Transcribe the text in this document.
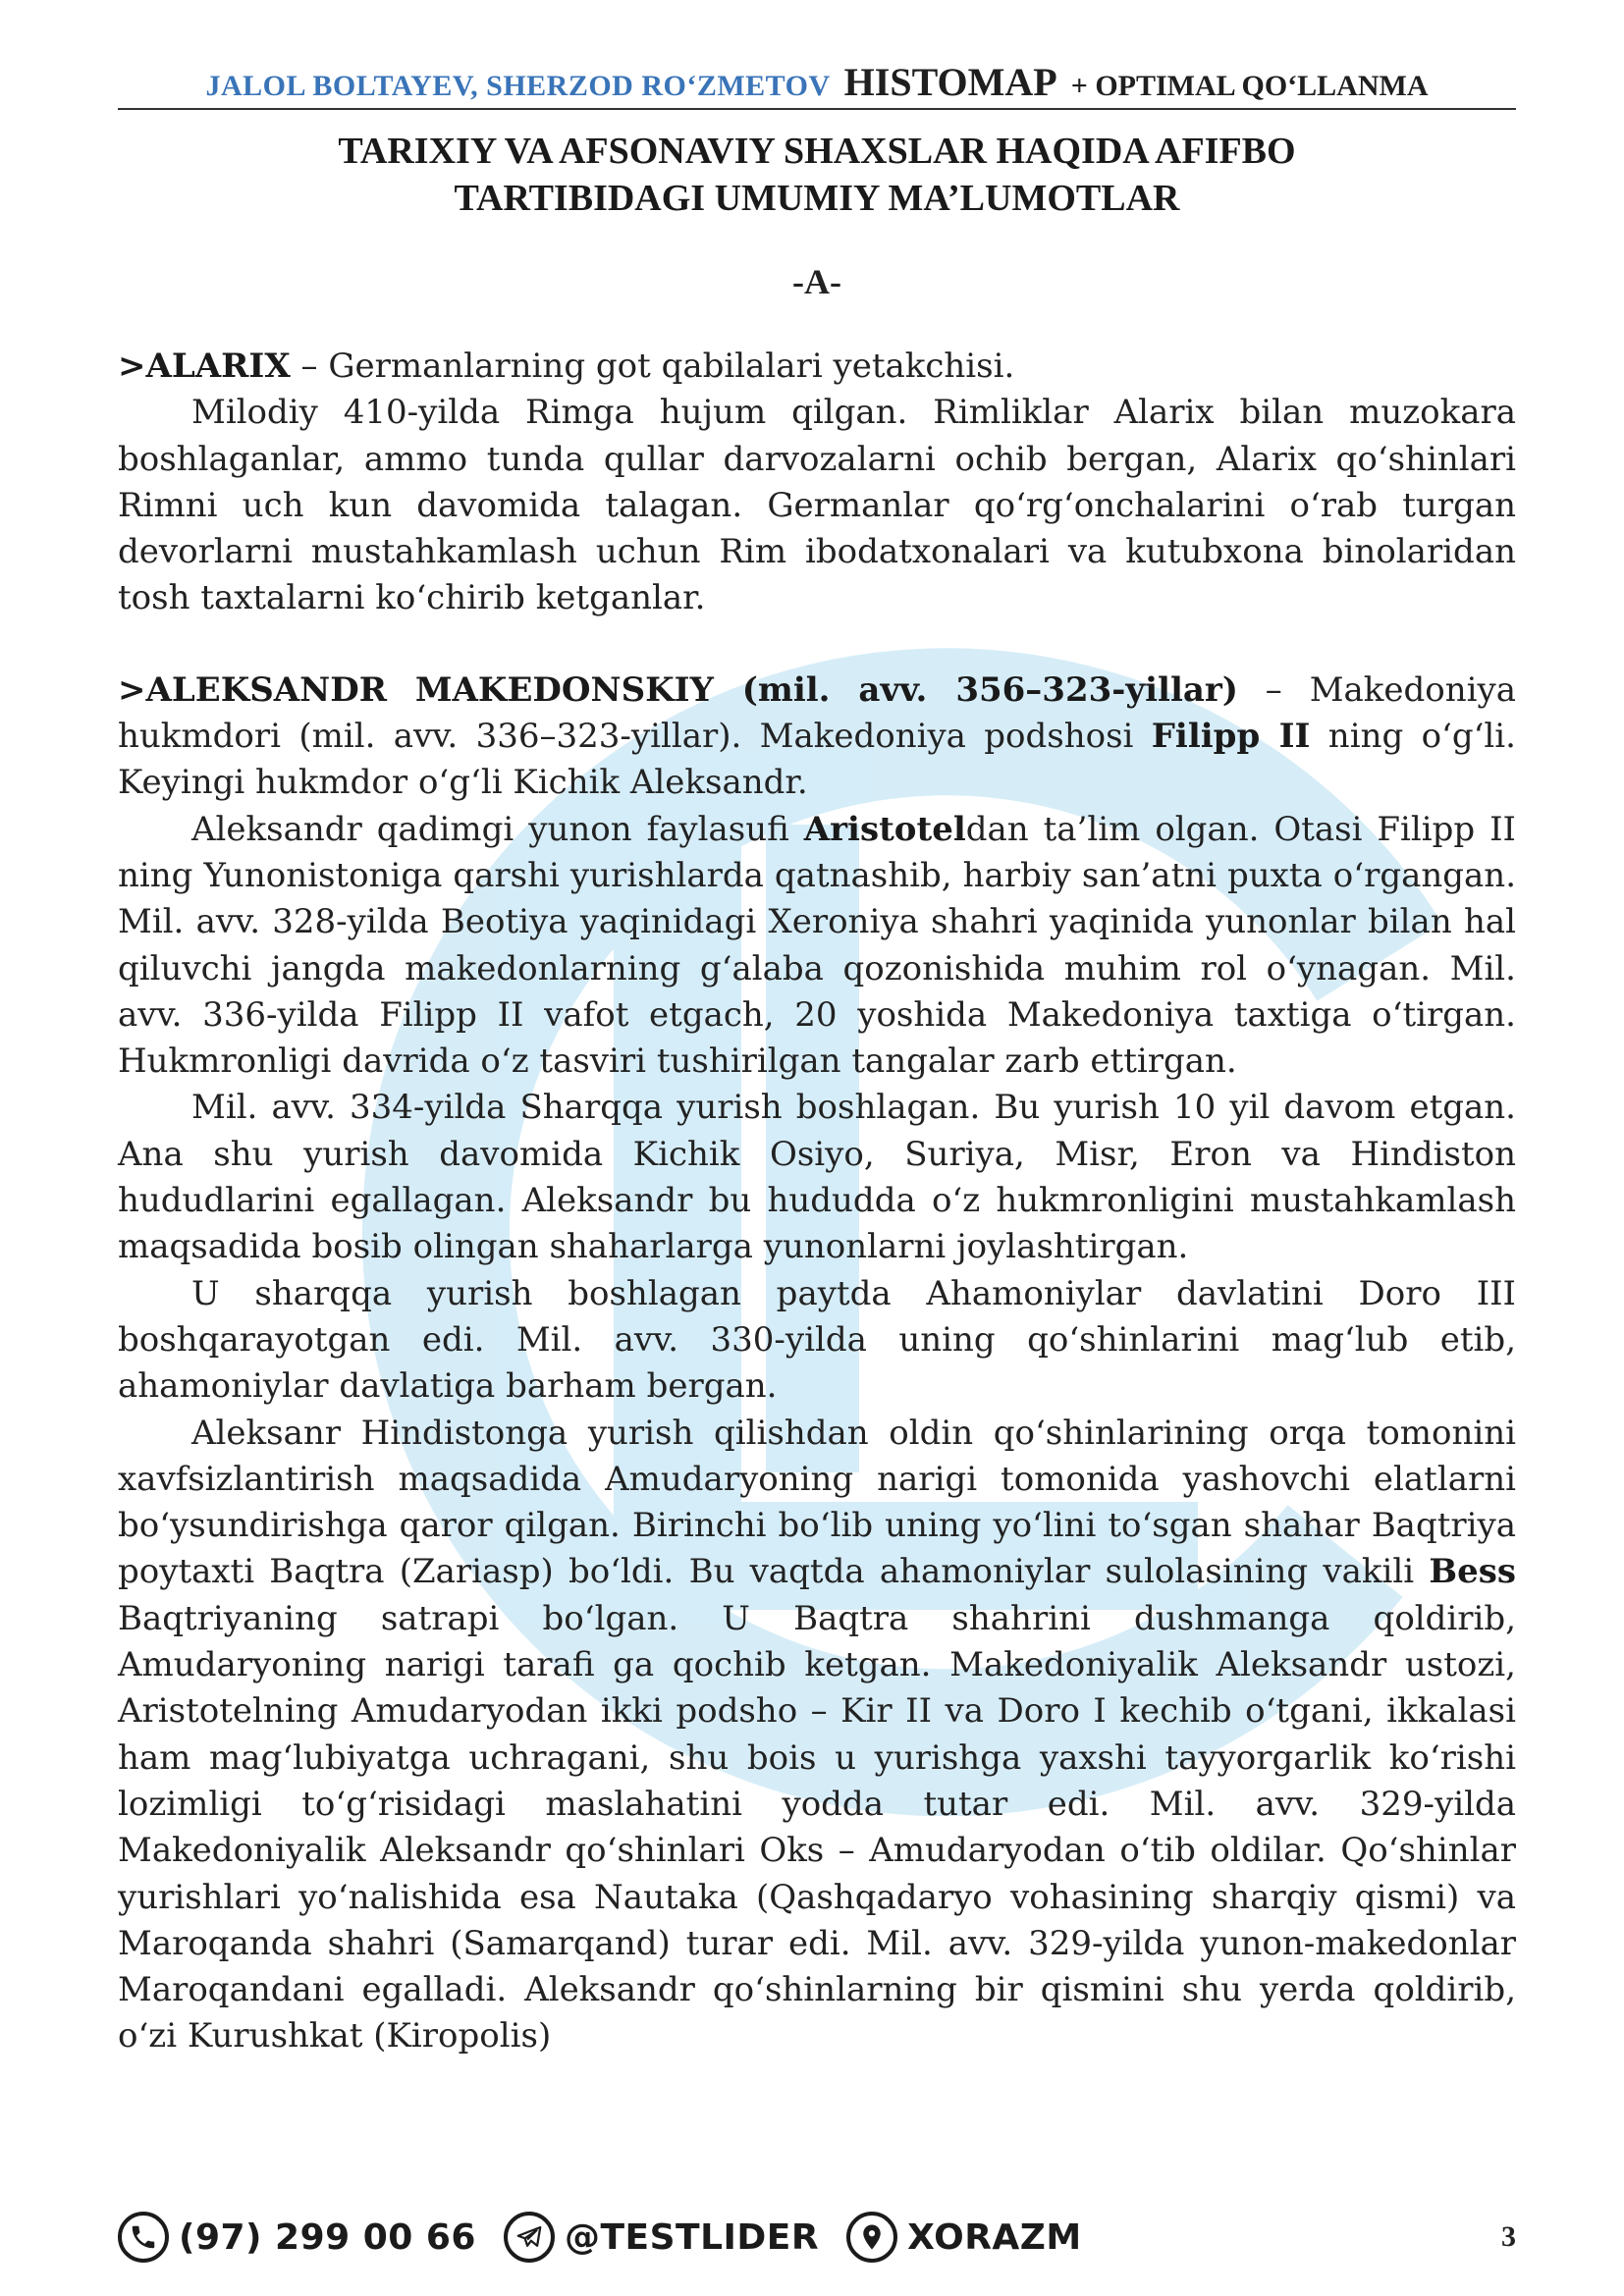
JALOL BOLTAYEV, SHERZOD RO‘ZMETOV HISTOMAP + OPTIMAL QO‘LLANMA
TARIXIY VA AFSONAVIY SHAXSLAR HAQIDA AFIFBO
TARTIBIDAGI UMUMIY MA’LUMOTLAR
-A-

>ALARIX – Germanlarning got qabilalari yetakchisi.

Milodiy 410-yilda Rimga hujum qilgan. Rimliklar Alarix bilan muzokara boshlaganlar, ammo tunda qullar darvozalarni ochib bergan, Alarix qo‘shinlari Rimni uch kun davomida talagan. Germanlar qo‘rg‘onchalarini o‘rab turgan devorlarni mustahkamlash uchun Rim ibodatxonalari va kutubxona binolaridan tosh taxtalarni ko‘chirib ketganlar.

>ALEKSANDR MAKEDONSKIY (mil. avv. 356–323-yillar) – Makedoniya hukmdori (mil. avv. 336–323-yillar). Makedoniya podshosi Filipp II ning o‘g‘li. Keyingi hukmdor o‘g‘li Kichik Aleksandr.

Aleksandr qadimgi yunon faylasufi Aristoteldan ta’lim olgan. Otasi Filipp II ning Yunonistoniga qarshi yurishlarda qatnashib, harbiy san’atni puxta o‘rgangan. Mil. avv. 328-yilda Beotiya yaqinidagi Xeroniya shahri yaqinida yunonlar bilan hal qiluvchi jangda makedonlarning g‘alaba qozonishida muhim rol o‘ynagan. Mil. avv. 336-yilda Filipp II vafot etgach, 20 yoshida Makedoniya taxtiga o‘tirgan. Hukmronligi davrida o‘z tasviri tushirilgan tangalar zarb ettirgan.

Mil. avv. 334-yilda Sharqqa yurish boshlagan. Bu yurish 10 yil davom etgan. Ana shu yurish davomida Kichik Osiyo, Suriya, Misr, Eron va Hindiston hududlarini egallagan. Aleksandr bu hududda o‘z hukmronligini mustahkamlash maqsadida bosib olingan shaharlarga yunonlarni joylashtirgan.

U sharqqa yurish boshlagan paytda Ahamoniylar davlatini Doro III boshqarayotgan edi. Mil. avv. 330-yilda uning qo‘shinlarini mag‘lub etib, ahamoniylar davlatiga barham bergan.

Aleksanr Hindistonga yurish qilishdan oldin qo‘shinlarining orqa tomonini xavfsizlantirish maqsadida Amudaryoning narigi tomonida yashovchi elatlarni bo‘ysundirishga qaror qilgan. Birinchi bo‘lib uning yo‘lini to‘sgan shahar Baqtriya poytaxti Baqtra (Zariasp) bo‘ldi. Bu vaqtda ahamoniylar sulolasining vakili Bess Baqtriyaning satrapi bo‘lgan. U Baqtra shahrini dushmanga qoldirib, Amudaryoning narigi tarafi ga qochib ketgan. Makedoniyalik Aleksandr ustozi, Aristotelning Amudaryodan ikki podsho – Kir II va Doro I kechib o‘tgani, ikkalasi ham mag‘lubiyatga uchragani, shu bois u yurishga yaxshi tayyorgarlik ko‘rishi lozimligi to‘g‘risidagi maslahatini yodda tutar edi. Mil. avv. 329-yilda Makedoniyalik Aleksandr qo‘shinlari Oks – Amudaryodan o‘tib oldilar. Qo‘shinlar yurishlari yo‘nalishida esa Nautaka (Qashqadaryo vohasining sharqiy qismi) va Maroqanda shahri (Samarqand) turar edi. Mil. avv. 329-yilda yunon-makedonlar Maroqandani egalladi. Aleksandr qo‘shinlarning bir qismini shu yerda qoldirib, o‘zi Kurushkat (Kiropolis)

(97) 299 00 66	@TESTLIDER	XORAZM	3
